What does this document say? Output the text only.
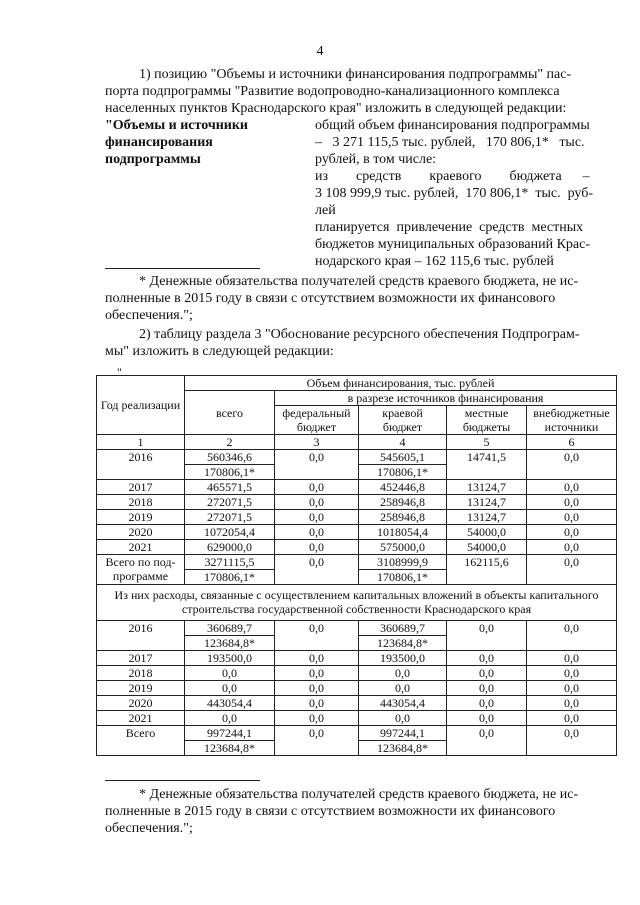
4
1) позицию "Объемы и источники финансирования подпрограммы" пас-
порта подпрограммы "Развитие водопроводно-канализационного комплекса
населенных пунктов Краснодарского края" изложить в следующей редакции:
"Объемы и источники
финансирования
подпрограммы
общий объем финансирования подпрограммы
–   3 271 115,5 тыс. рублей,   170 806,1*   тыс.
рублей, в том числе:
из        средств        краевого        бюджета      –
3 108 999,9 тыс. рублей,  170 806,1*  тыс.  руб-
лей
планируется  привлечение  средств  местных
бюджетов муниципальных образований Крас-
нодарского края – 162 115,6 тыс. рублей
* Денежные обязательства получателей средств краевого бюджета, не ис-
полненные в 2015 году в связи с отсутствием возможности их финансового
обеспечения.";
2) таблицу раздела 3 "Обоснование ресурсного обеспечения Подпрограм-
мы" изложить в следующей редакции:
"
Год реализации	Объем финансирования, тыс. рублей				
	всего	в разрезе источников финансирования			
		федеральный бюджет	краевой бюджет	местные бюджеты	внебюджетные источники
1	2	3	4	5	6
2016	560346,6	0,0	545605,1	14741,5	0,0
	170806,1*		170806,1*		
2017	465571,5	0,0	452446,8	13124,7	0,0
2018	272071,5	0,0	258946,8	13124,7	0,0
2019	272071,5	0,0	258946,8	13124,7	0,0
2020	1072054,4	0,0	1018054,4	54000,0	0,0
2021	629000,0	0,0	575000,0	54000,0	0,0

Всего по под-
программе	3271115,5	0,0	3108999,9	162115,6	0,0
	170806,1*		170806,1*		
Из них расходы, связанные с осуществлением капитальных вложений в объекты капитального строительства государственной собственности Краснодарского края					
2016	360689,7	0,0	360689,7	0,0	0,0
	123684,8*		123684,8*		
2017	193500,0	0,0	193500,0	0,0	0,0
2018	0,0	0,0	0,0	0,0	0,0
2019	0,0	0,0	0,0	0,0	0,0
2020	443054,4	0,0	443054,4	0,0	0,0
2021	0,0	0,0	0,0	0,0	0,0
Всего	997244,1	0,0	997244,1	0,0	0,0
	123684,8*		123684,8*		
* Денежные обязательства получателей средств краевого бюджета, не ис-
полненные в 2015 году в связи с отсутствием возможности их финансового
обеспечения.";
